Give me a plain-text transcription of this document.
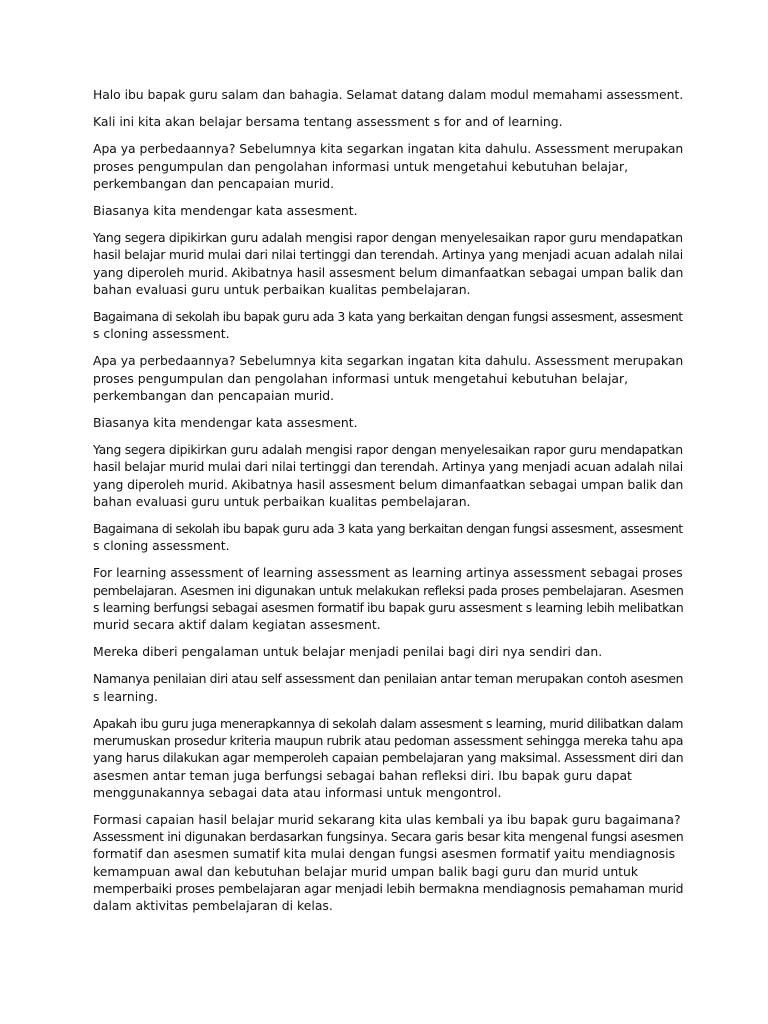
Halo ibu bapak guru salam dan bahagia. Selamat datang dalam modul memahami assessment.

Kali ini kita akan belajar bersama tentang assessment s for and of learning.

Apa ya perbedaannya? Sebelumnya kita segarkan ingatan kita dahulu. Assessment merupakan
proses pengumpulan dan pengolahan informasi untuk mengetahui kebutuhan belajar,
perkembangan dan pencapaian murid.

Biasanya kita mendengar kata assesment.

Yang segera dipikirkan guru adalah mengisi rapor dengan menyelesaikan rapor guru mendapatkan
hasil belajar murid mulai dari nilai tertinggi dan terendah. Artinya yang menjadi acuan adalah nilai
yang diperoleh murid. Akibatnya hasil assesment belum dimanfaatkan sebagai umpan balik dan
bahan evaluasi guru untuk perbaikan kualitas pembelajaran.

Bagaimana di sekolah ibu bapak guru ada 3 kata yang berkaitan dengan fungsi assesment, assesment
s cloning assessment.

Apa ya perbedaannya? Sebelumnya kita segarkan ingatan kita dahulu. Assessment merupakan
proses pengumpulan dan pengolahan informasi untuk mengetahui kebutuhan belajar,
perkembangan dan pencapaian murid.

Biasanya kita mendengar kata assesment.

Yang segera dipikirkan guru adalah mengisi rapor dengan menyelesaikan rapor guru mendapatkan
hasil belajar murid mulai dari nilai tertinggi dan terendah. Artinya yang menjadi acuan adalah nilai
yang diperoleh murid. Akibatnya hasil assesment belum dimanfaatkan sebagai umpan balik dan
bahan evaluasi guru untuk perbaikan kualitas pembelajaran.

Bagaimana di sekolah ibu bapak guru ada 3 kata yang berkaitan dengan fungsi assesment, assesment
s cloning assessment.

For learning assessment of learning assessment as learning artinya assessment sebagai proses
pembelajaran. Asesmen ini digunakan untuk melakukan refleksi pada proses pembelajaran. Asesmen
s learning berfungsi sebagai asesmen formatif ibu bapak guru assesment s learning lebih melibatkan
murid secara aktif dalam kegiatan assesment.

Mereka diberi pengalaman untuk belajar menjadi penilai bagi diri nya sendiri dan.

Namanya penilaian diri atau self assessment dan penilaian antar teman merupakan contoh asesmen
s learning.

Apakah ibu guru juga menerapkannya di sekolah dalam assesment s learning, murid dilibatkan dalam
merumuskan prosedur kriteria maupun rubrik atau pedoman assessment sehingga mereka tahu apa
yang harus dilakukan agar memperoleh capaian pembelajaran yang maksimal. Assessment diri dan
asesmen antar teman juga berfungsi sebagai bahan refleksi diri. Ibu bapak guru dapat
menggunakannya sebagai data atau informasi untuk mengontrol.

Formasi capaian hasil belajar murid sekarang kita ulas kembali ya ibu bapak guru bagaimana?
Assessment ini digunakan berdasarkan fungsinya. Secara garis besar kita mengenal fungsi asesmen
formatif dan asesmen sumatif kita mulai dengan fungsi asesmen formatif yaitu mendiagnosis
kemampuan awal dan kebutuhan belajar murid umpan balik bagi guru dan murid untuk
memperbaiki proses pembelajaran agar menjadi lebih bermakna mendiagnosis pemahaman murid
dalam aktivitas pembelajaran di kelas.
